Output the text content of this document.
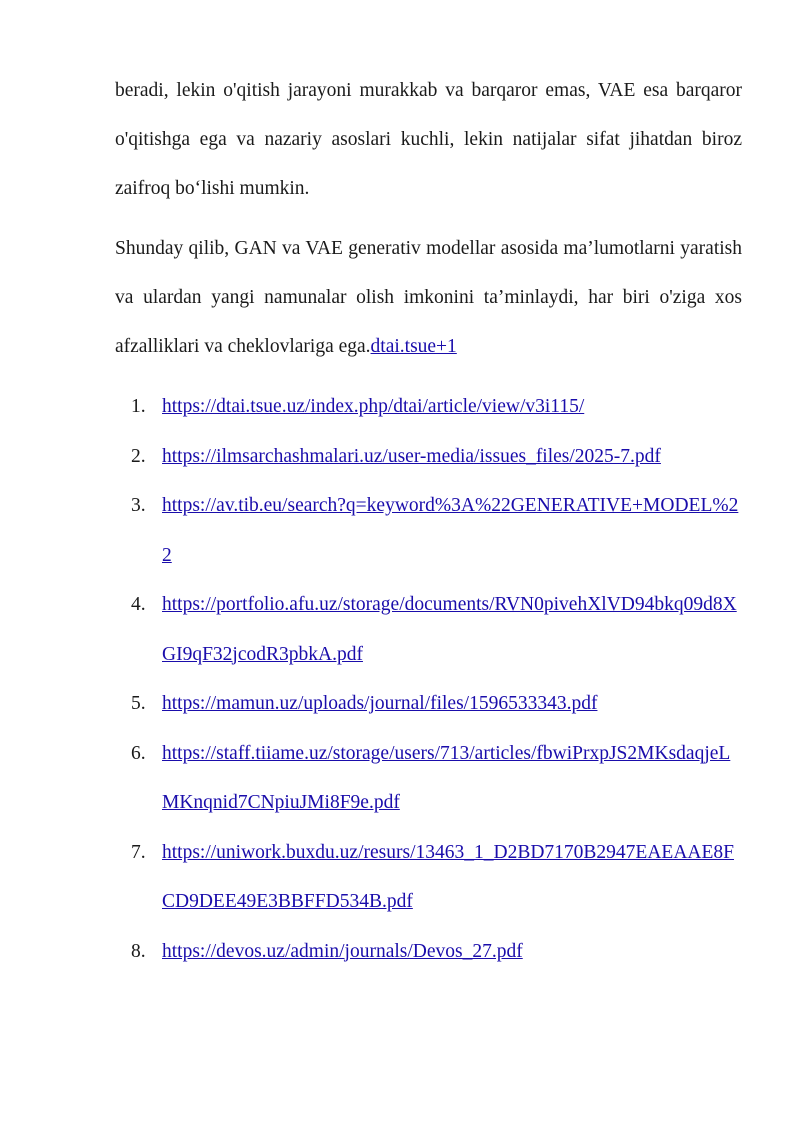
beradi, lekin o'qitish jarayoni murakkab va barqaror emas, VAE esa barqaror o'qitishga ega va nazariy asoslari kuchli, lekin natijalar sifat jihatdan biroz zaifroq bo‘lishi mumkin.

Shunday qilib, GAN va VAE generativ modellar asosida ma’lumotlarni yaratish va ulardan yangi namunalar olish imkonini ta’minlaydi, har biri o'ziga xos afzalliklari va cheklovlariga ega.dtai.tsue+1

1. https://dtai.tsue.uz/index.php/dtai/article/view/v3i115/
2. https://ilmsarchashmalari.uz/user-media/issues_files/2025-7.pdf
3. https://av.tib.eu/search?q=keyword%3A%22GENERATIVE+MODEL%22
4. https://portfolio.afu.uz/storage/documents/RVN0pivehXlVD94bkq09d8XGI9qF32jcodR3pbkA.pdf
5. https://mamun.uz/uploads/journal/files/1596533343.pdf
6. https://staff.tiiame.uz/storage/users/713/articles/fbwiPrxpJS2MKsdaqjeLMKnqnid7CNpiuJMi8F9e.pdf
7. https://uniwork.buxdu.uz/resurs/13463_1_D2BD7170B2947EAEAAE8FCD9DEE49E3BBFFD534B.pdf
8. https://devos.uz/admin/journals/Devos_27.pdf
